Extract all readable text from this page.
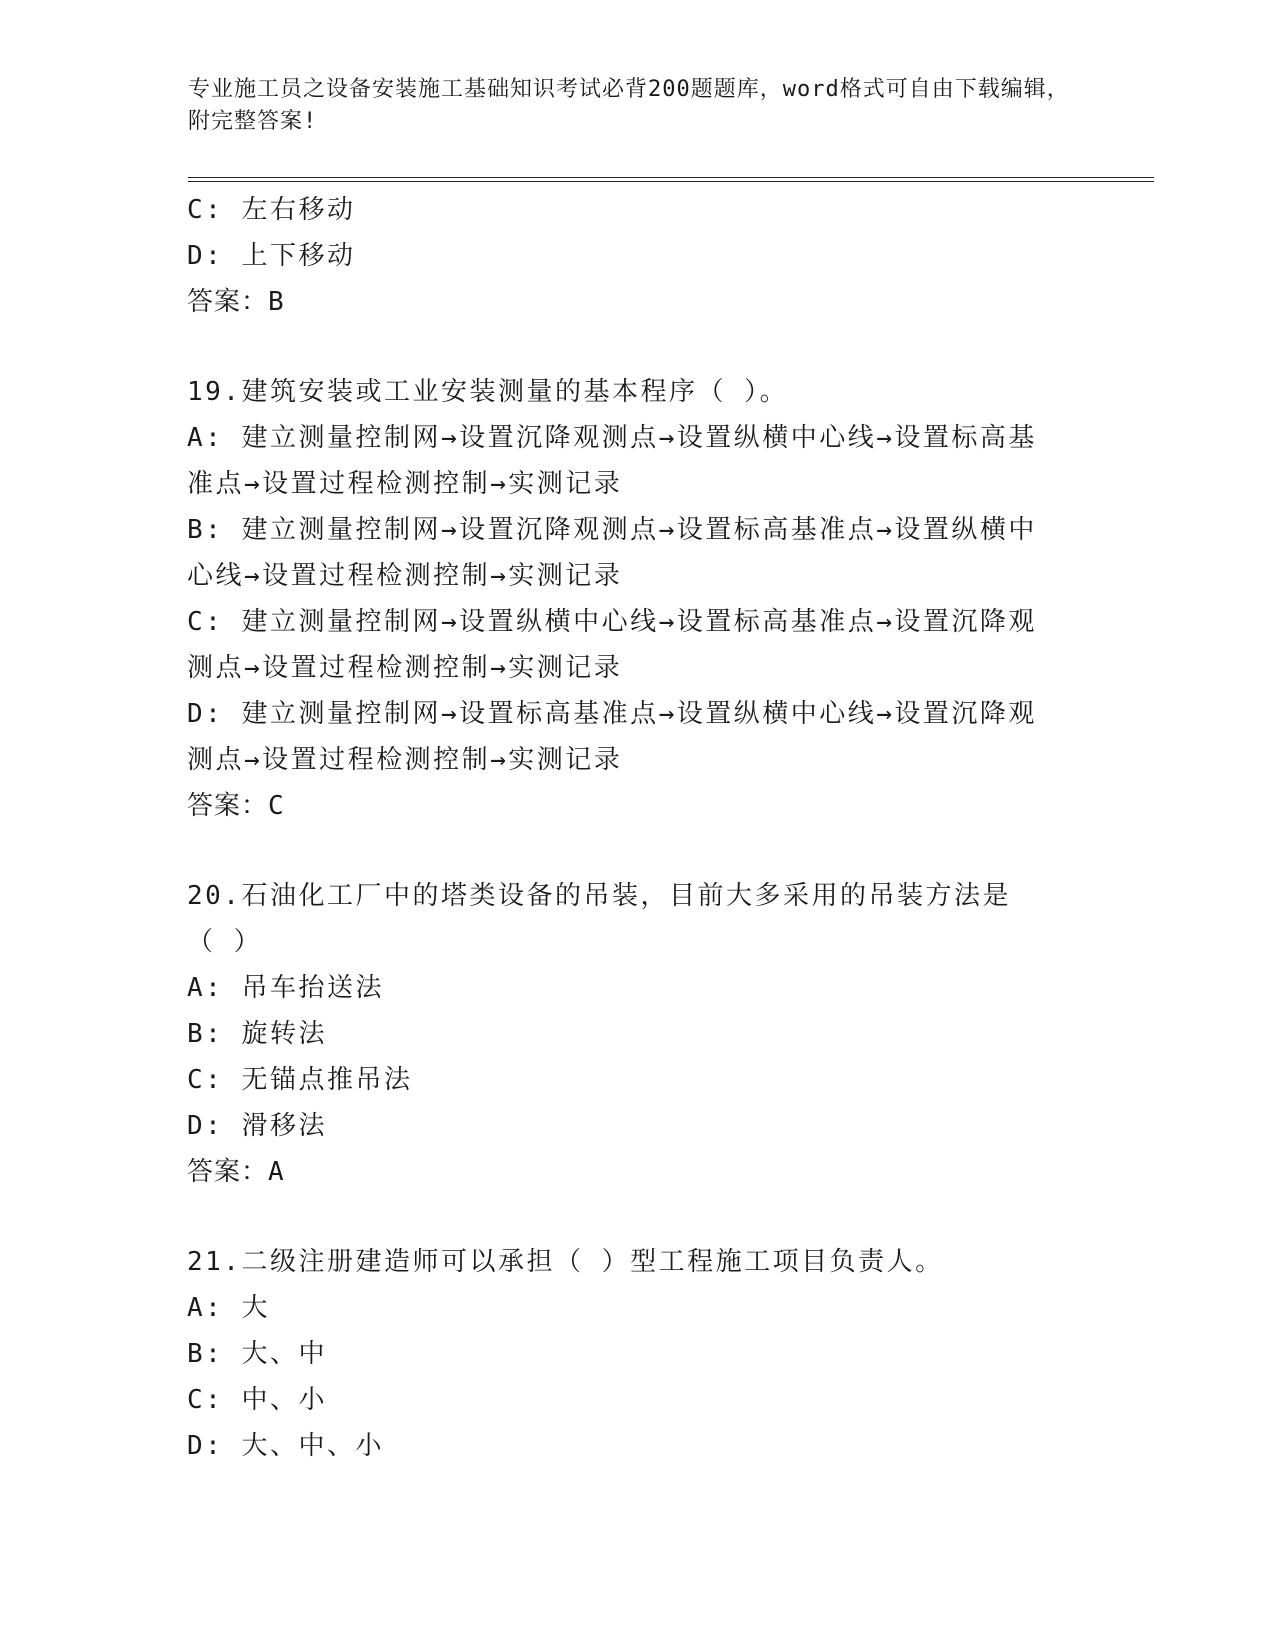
专业施工员之设备安装施工基础知识考试必背200题题库，word格式可自由下载编辑，附完整答案!
C: 左右移动
D: 上下移动
答案：B
19.建筑安装或工业安装测量的基本程序（ ）。
A: 建立测量控制网→设置沉降观测点→设置纵横中心线→设置标高基准点→设置过程检测控制→实测记录
B: 建立测量控制网→设置沉降观测点→设置标高基准点→设置纵横中心线→设置过程检测控制→实测记录
C: 建立测量控制网→设置纵横中心线→设置标高基准点→设置沉降观测点→设置过程检测控制→实测记录
D: 建立测量控制网→设置标高基准点→设置纵横中心线→设置沉降观测点→设置过程检测控制→实测记录
答案：C
20.石油化工厂中的塔类设备的吊装，目前大多采用的吊装方法是（ ）
A: 吊车抬送法
B: 旋转法
C: 无锚点推吊法
D: 滑移法
答案：A
21.二级注册建造师可以承担（ ）型工程施工项目负责人。
A: 大
B: 大、中
C: 中、小
D: 大、中、小
